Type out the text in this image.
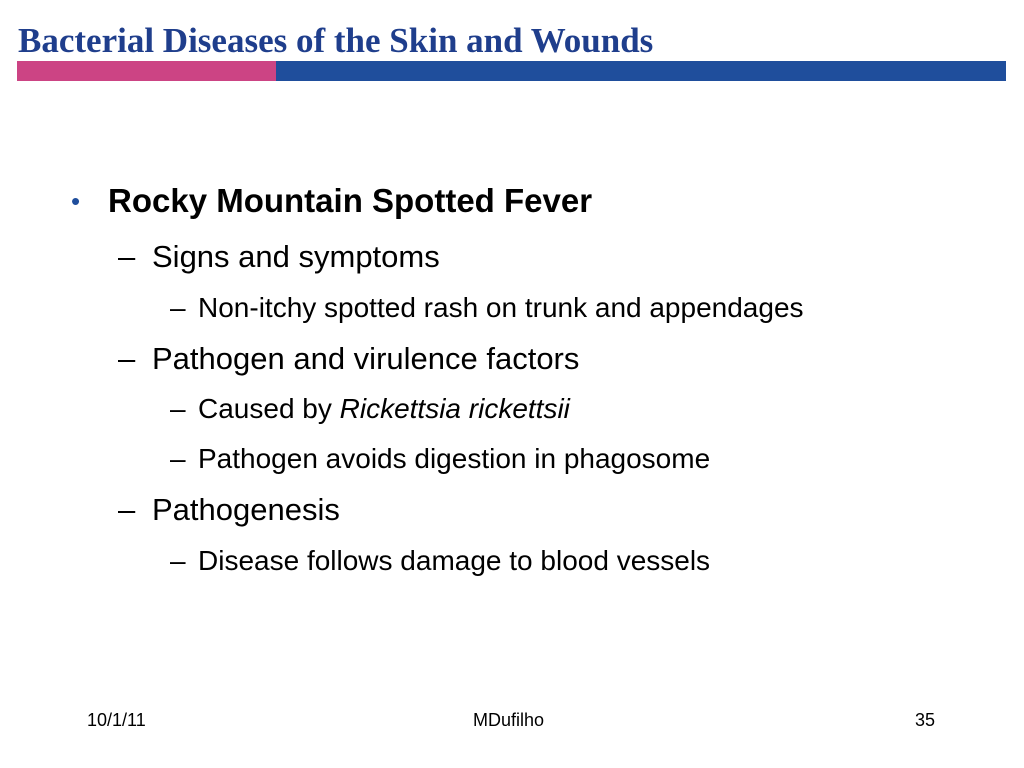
Bacterial Diseases of the Skin and Wounds
• Rocky Mountain Spotted Fever
– Signs and symptoms
– Non-itchy spotted rash on trunk and appendages
– Pathogen and virulence factors
– Caused by Rickettsia rickettsii
– Pathogen avoids digestion in phagosome
– Pathogenesis
– Disease follows damage to blood vessels
10/1/11	MDufilho	35
